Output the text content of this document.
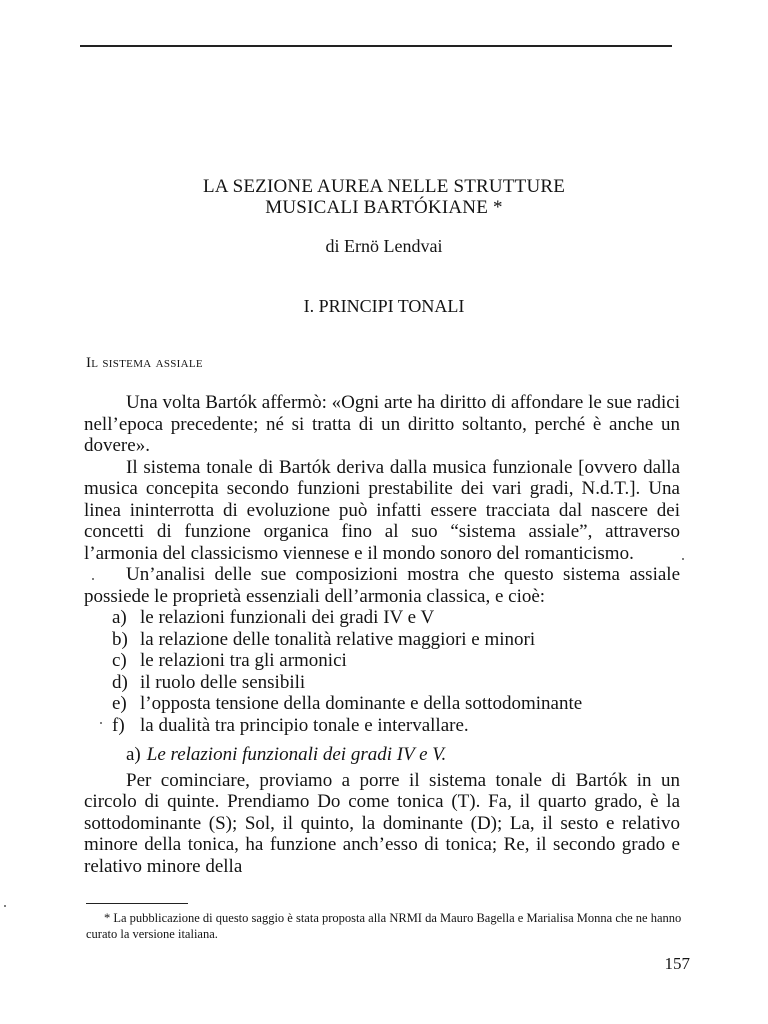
LA SEZIONE AUREA NELLE STRUTTURE
MUSICALI BARTÓKIANE *
di Ernö Lendvai
I. PRINCIPI TONALI
Il sistema assiale

Una volta Bartók affermò: «Ogni arte ha diritto di affondare le sue radici nell’epoca precedente; né si tratta di un diritto soltanto, perché è anche un dovere».

Il sistema tonale di Bartók deriva dalla musica funzionale [ovvero dalla musica concepita secondo funzioni prestabilite dei vari gradi, N.d.T.]. Una linea ininterrotta di evoluzione può infatti essere tracciata dal nascere dei concetti di funzione organica fino al suo “sistema assiale”, attraverso l’armonia del classicismo viennese e il mondo sonoro del romanticismo.

Un’analisi delle sue composizioni mostra che questo sistema assiale possiede le proprietà essenziali dell’armonia classica, e cioè:

a) le relazioni funzionali dei gradi IV e V
b) la relazione delle tonalità relative maggiori e minori
c) le relazioni tra gli armonici
d) il ruolo delle sensibili
e) l’opposta tensione della dominante e della sottodominante
f) la dualità tra principio tonale e intervallare.
a) Le relazioni funzionali dei gradi IV e V.

Per cominciare, proviamo a porre il sistema tonale di Bartók in un circolo di quinte. Prendiamo Do come tonica (T). Fa, il quarto grado, è la sottodominante (S); Sol, il quinto, la dominante (D); La, il sesto e relativo minore della tonica, ha funzione anch’esso di tonica; Re, il secondo grado e relativo minore della

* La pubblicazione di questo saggio è stata proposta alla NRMI da Mauro Bagella e Marialisa Monna che ne hanno curato la versione italiana.
157
